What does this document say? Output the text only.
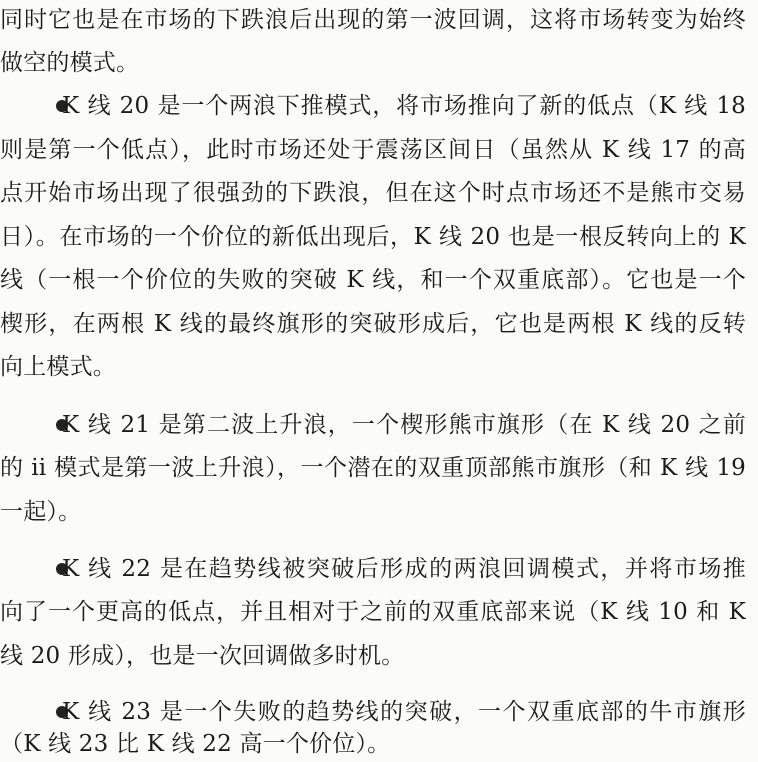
同时它也是在市场的下跌浪后出现的第一波回调，这将市场转变为始终
做空的模式。
K 线 20 是一个两浪下推模式，将市场推向了新的低点（K 线 18
则是第一个低点），此时市场还处于震荡区间日（虽然从 K 线 17 的高
点开始市场出现了很强劲的下跌浪，但在这个时点市场还不是熊市交易
日）。在市场的一个价位的新低出现后，K 线 20 也是一根反转向上的 K
线（一根一个价位的失败的突破 K 线，和一个双重底部）。它也是一个
楔形，在两根 K 线的最终旗形的突破形成后，它也是两根 K 线的反转
向上模式。
K 线 21 是第二波上升浪，一个楔形熊市旗形（在 K 线 20 之前
的 ii 模式是第一波上升浪），一个潜在的双重顶部熊市旗形（和 K 线 19
一起）。
K 线 22 是在趋势线被突破后形成的两浪回调模式，并将市场推
向了一个更高的低点，并且相对于之前的双重底部来说（K 线 10 和 K
线 20 形成），也是一次回调做多时机。
K 线 23 是一个失败的趋势线的突破，一个双重底部的牛市旗形
（K 线 23 比 K 线 22 高一个价位）。
